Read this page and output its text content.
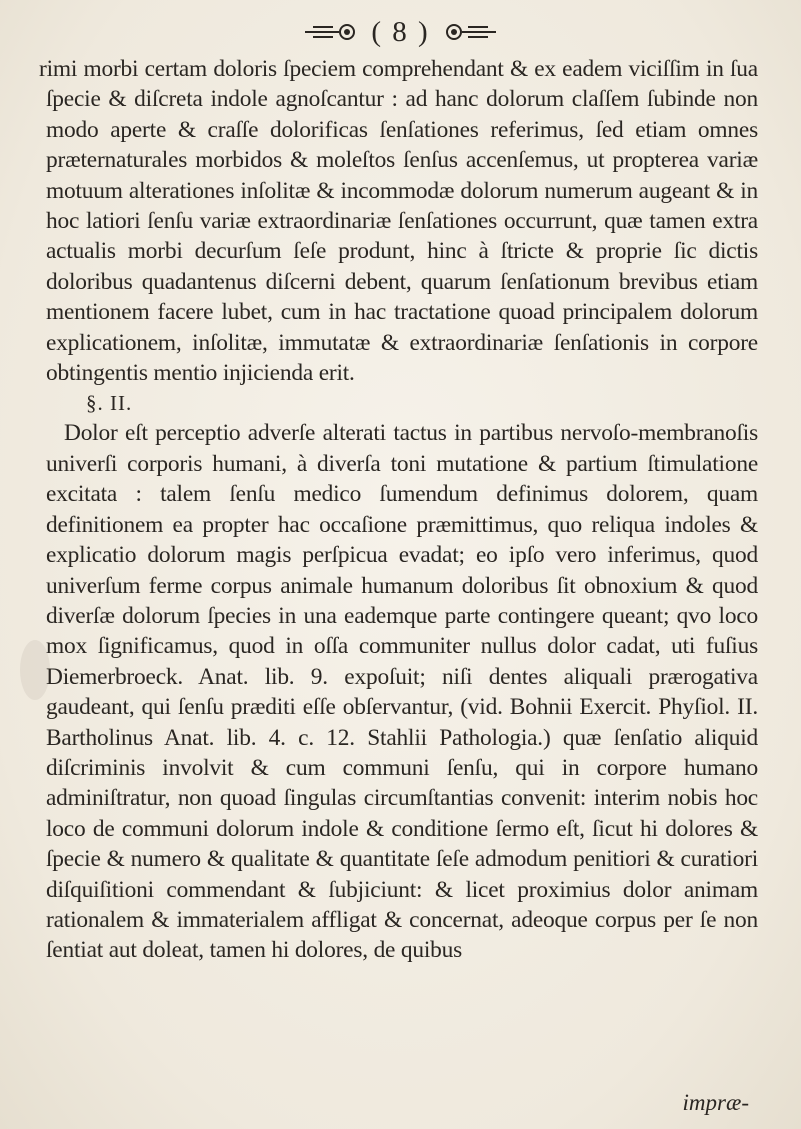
( 8 )

rimi morbi certam doloris ſpeciem comprehendant & ex eadem viciſſim in ſua ſpecie & diſcreta indole agnoſcantur : ad hanc dolorum claſſem ſubinde non modo aperte & craſſe dolorificas ſenſationes referimus, ſed etiam omnes præternaturales morbidos & moleſtos ſenſus accenſemus, ut propterea variæ motuum alterationes inſolitæ & incommodæ dolorum numerum augeant & in hoc latiori ſenſu variæ extraordinariæ ſenſationes occurrunt, quæ tamen extra actualis morbi decurſum ſeſe produnt, hinc à ſtricte & proprie ſic dictis doloribus quadantenus diſcerni debent, quarum ſenſationum brevibus etiam mentionem facere lubet, cum in hac tractatione quoad principalem dolorum explicationem, inſolitæ, immutatæ & extraordinariæ ſenſationis in corpore obtingentis mentio injicienda erit.

§. II.

Dolor eſt perceptio adverſe alterati tactus in partibus nervoſo-membranoſis univerſi corporis humani, à diverſa toni mutatione & partium ſtimulatione excitata : talem ſenſu medico ſumendum definimus dolorem, quam definitionem ea propter hac occaſione præmittimus, quo reliqua indoles & explicatio dolorum magis perſpicua evadat; eo ipſo vero inferimus, quod univerſum ferme corpus animale humanum doloribus ſit obnoxium & quod diverſæ dolorum ſpecies in una eademque parte contingere queant; qvo loco mox ſignificamus, quod in oſſa communiter nullus dolor cadat, uti fuſius Diemerbroeck. Anat. lib. 9. expoſuit; niſi dentes aliquali prærogativa gaudeant, qui ſenſu præditi eſſe obſervantur, (vid. Bohnii Exercit. Phyſiol. II. Bartholinus Anat. lib. 4. c. 12. Stahlii Pathologia.) quæ ſenſatio aliquid diſcriminis involvit & cum communi ſenſu, qui in corpore humano adminiſtratur, non quoad ſingulas circumſtantias convenit: interim nobis hoc loco de communi dolorum indole & conditione ſermo eſt, ſicut hi dolores & ſpecie & numero & qualitate & quantitate ſeſe admodum penitiori & curatiori diſquiſitioni commendant & ſubjiciunt: & licet proximius dolor animam rationalem & immaterialem affligat & concernat, adeoque corpus per ſe non ſentiat aut doleat, tamen hi dolores, de quibus

impræ-
